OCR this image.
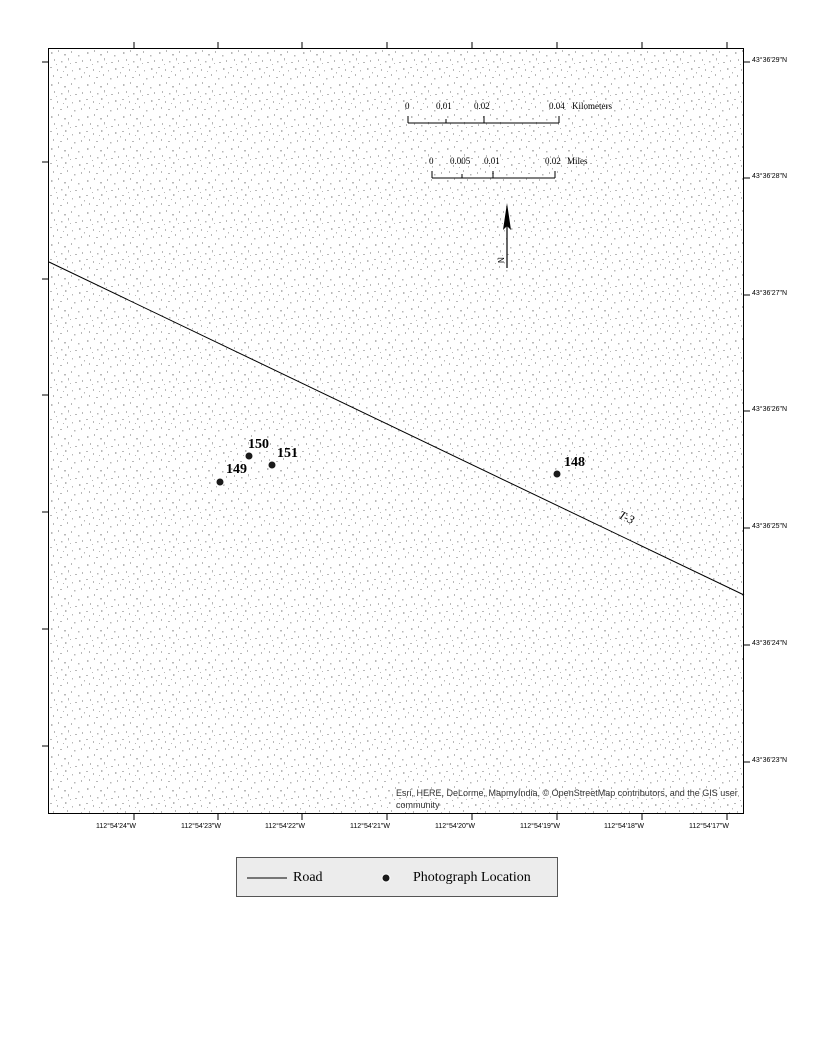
T-3
150
151
149	148
0	0.01 0.02	0.04 Kilometers
0 0.005 0.01	0.02 Miles
N
43°36'29"N
43°36'28"N
43°36'27"N
43°36'26"N
43°36'25"N
43°36'24"N
43°36'23"N
112°54'24"W	112°54'23"W	112°54'22"W	112°54'21"W	112°54'20"W	112°54'19"W	112°54'18"W	112°54'17"W
Esri, HERE, DeLorme, MapmyIndia, © OpenStreetMap contributors, and the GIS user community
Road	Photograph Location
